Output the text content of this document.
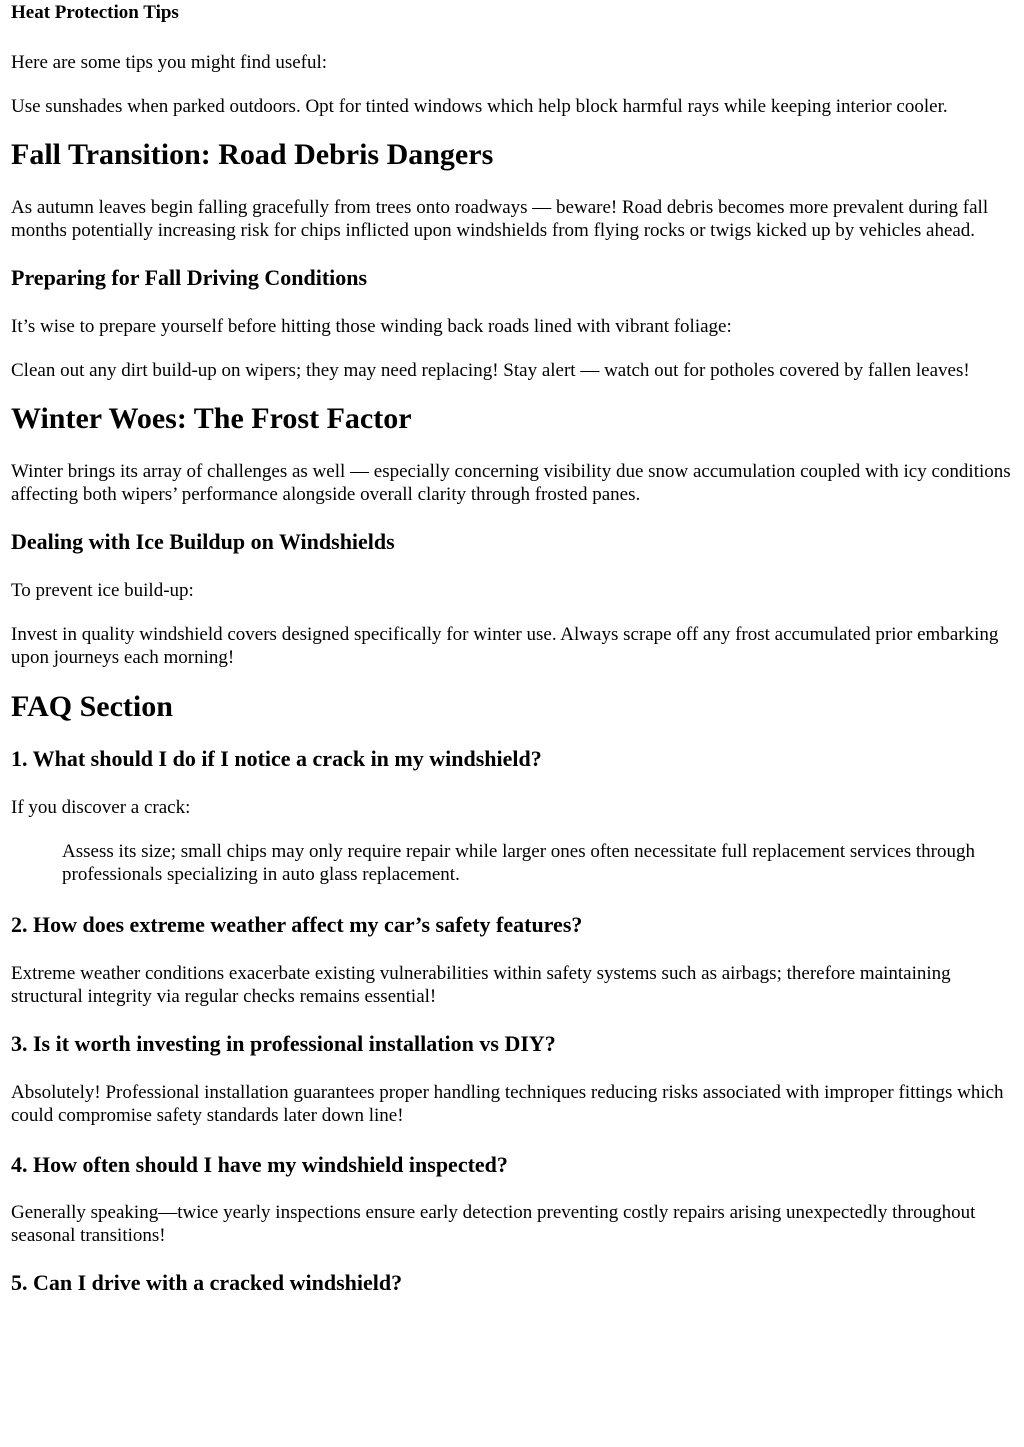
Heat Protection Tips

Here are some tips you might find useful:

Use sunshades when parked outdoors. Opt for tinted windows which help block harmful rays while keeping interior cooler.

Fall Transition: Road Debris Dangers

As autumn leaves begin falling gracefully from trees onto roadways — beware! Road debris becomes more prevalent during fall months potentially increasing risk for chips inflicted upon windshields from flying rocks or twigs kicked up by vehicles ahead.

Preparing for Fall Driving Conditions

It’s wise to prepare yourself before hitting those winding back roads lined with vibrant foliage:

Clean out any dirt build-up on wipers; they may need replacing! Stay alert — watch out for potholes covered by fallen leaves!

Winter Woes: The Frost Factor

Winter brings its array of challenges as well — especially concerning visibility due snow accumulation coupled with icy conditions affecting both wipers’ performance alongside overall clarity through frosted panes.

Dealing with Ice Buildup on Windshields

To prevent ice build-up:

Invest in quality windshield covers designed specifically for winter use. Always scrape off any frost accumulated prior embarking upon journeys each morning!

FAQ Section
1. What should I do if I notice a crack in my windshield?

If you discover a crack:

Assess its size; small chips may only require repair while larger ones often necessitate full replacement services through professionals specializing in auto glass replacement.

2. How does extreme weather affect my car’s safety features?

Extreme weather conditions exacerbate existing vulnerabilities within safety systems such as airbags; therefore maintaining structural integrity via regular checks remains essential!

3. Is it worth investing in professional installation vs DIY?

Absolutely! Professional installation guarantees proper handling techniques reducing risks associated with improper fittings which could compromise safety standards later down line!

4. How often should I have my windshield inspected?

Generally speaking—twice yearly inspections ensure early detection preventing costly repairs arising unexpectedly throughout seasonal transitions!

5. Can I drive with a cracked windshield?
